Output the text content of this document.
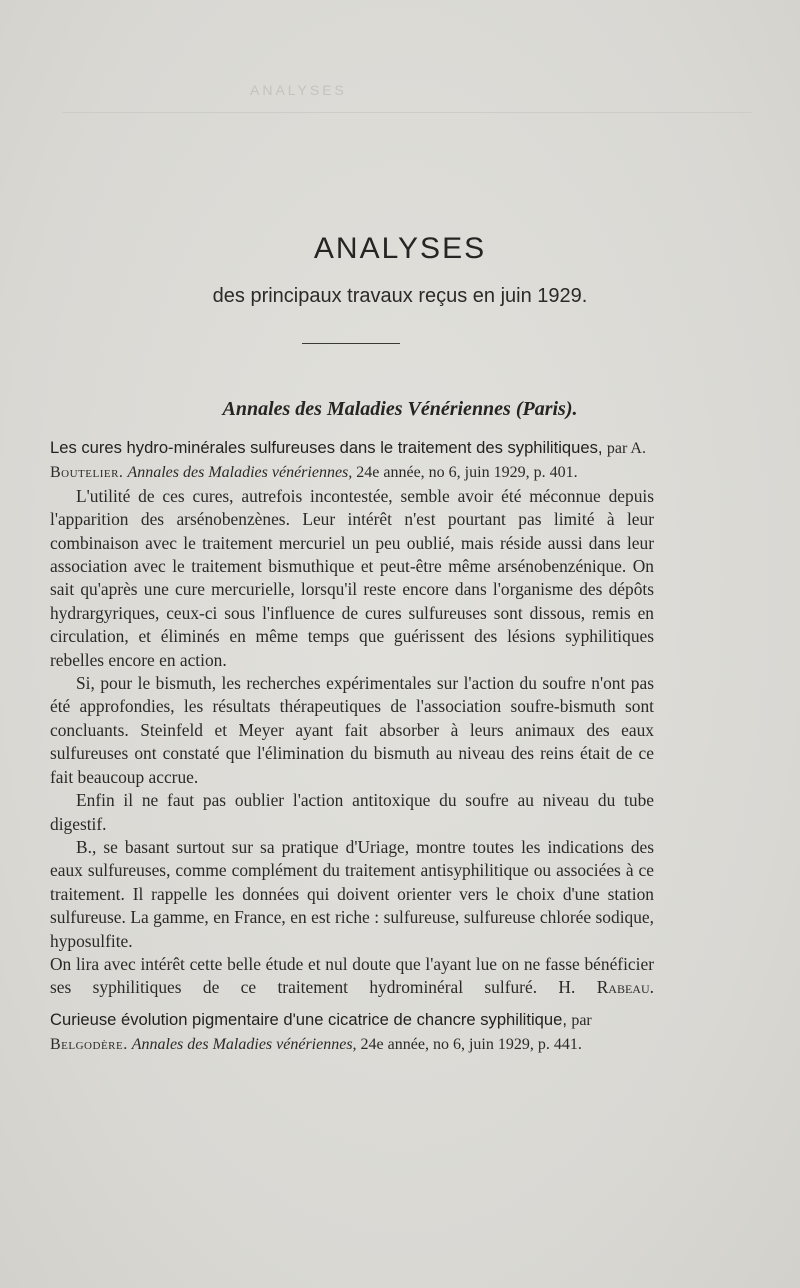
ANALYSES
ANALYSES
des principaux travaux reçus en juin 1929.
Annales des Maladies Vénériennes (Paris).
Les cures hydro-minérales sulfureuses dans le traitement des syphilitiques, par A. Boutelier. Annales des Maladies vénériennes, 24e année, no 6, juin 1929, p. 401.

L'utilité de ces cures, autrefois incontestée, semble avoir été méconnue depuis l'apparition des arsénobenzènes. Leur intérêt n'est pourtant pas limité à leur combinaison avec le traitement mercuriel un peu oublié, mais réside aussi dans leur association avec le traitement bismuthique et peut-être même arsénobenzénique. On sait qu'après une cure mercurielle, lorsqu'il reste encore dans l'organisme des dépôts hydrargyriques, ceux-ci sous l'influence de cures sulfureuses sont dissous, remis en circulation, et éliminés en même temps que guérissent des lésions syphilitiques rebelles encore en action.

Si, pour le bismuth, les recherches expérimentales sur l'action du soufre n'ont pas été approfondies, les résultats thérapeutiques de l'association soufre-bismuth sont concluants. Steinfeld et Meyer ayant fait absorber à leurs animaux des eaux sulfureuses ont constaté que l'élimination du bismuth au niveau des reins était de ce fait beaucoup accrue.

Enfin il ne faut pas oublier l'action antitoxique du soufre au niveau du tube digestif.

B., se basant surtout sur sa pratique d'Uriage, montre toutes les indications des eaux sulfureuses, comme complément du traitement antisyphilitique ou associées à ce traitement. Il rappelle les données qui doivent orienter vers le choix d'une station sulfureuse. La gamme, en France, en est riche : sulfureuse, sulfureuse chlorée sodique, hyposulfite.

On lira avec intérêt cette belle étude et nul doute que l'ayant lue on ne fasse bénéficier ses syphilitiques de ce traitement hydrominéral sulfuré. H. Rabeau.

Curieuse évolution pigmentaire d'une cicatrice de chancre syphilitique, par Belgodère. Annales des Maladies vénériennes, 24e année, no 6, juin 1929, p. 441.
